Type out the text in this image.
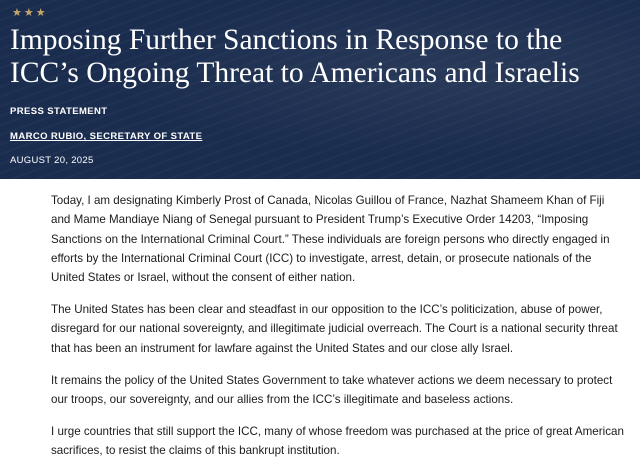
★★★
Imposing Further Sanctions in Response to the ICC’s Ongoing Threat to Americans and Israelis
PRESS STATEMENT
MARCO RUBIO, SECRETARY OF STATE
AUGUST 20, 2025

Today, I am designating Kimberly Prost of Canada, Nicolas Guillou of France, Nazhat Shameem Khan of Fiji and Mame Mandiaye Niang of Senegal pursuant to President Trump’s Executive Order 14203, “Imposing Sanctions on the International Criminal Court.” These individuals are foreign persons who directly engaged in efforts by the International Criminal Court (ICC) to investigate, arrest, detain, or prosecute nationals of the United States or Israel, without the consent of either nation.

The United States has been clear and steadfast in our opposition to the ICC’s politicization, abuse of power, disregard for our national sovereignty, and illegitimate judicial overreach. The Court is a national security threat that has been an instrument for lawfare against the United States and our close ally Israel.

It remains the policy of the United States Government to take whatever actions we deem necessary to protect our troops, our sovereignty, and our allies from the ICC’s illegitimate and baseless actions.

I urge countries that still support the ICC, many of whose freedom was purchased at the price of great American sacrifices, to resist the claims of this bankrupt institution.
